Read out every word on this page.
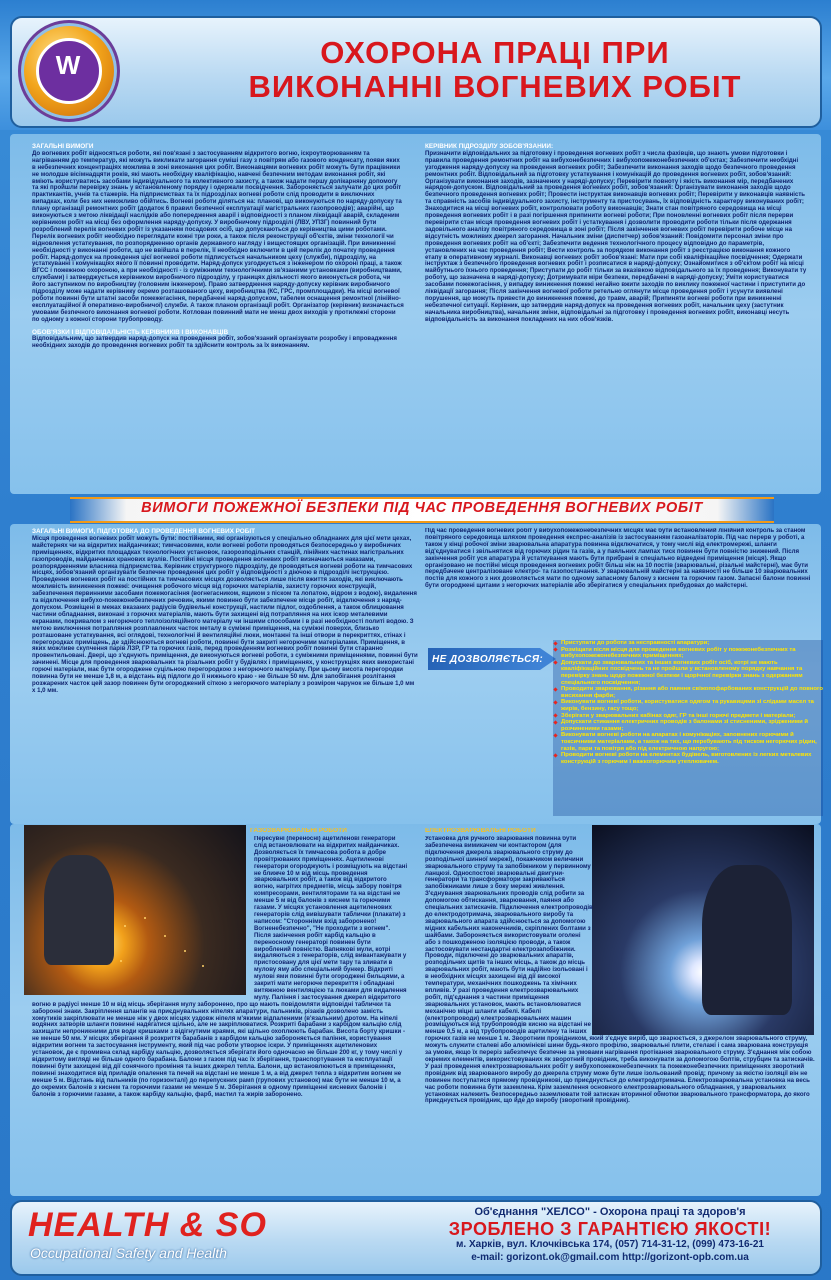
W	ОХОРОНА ПРАЦІ ПРИ
ВИКОНАННІ ВОГНЕВИХ РОБІТ
ЗАГАЛЬНІ ВИМОГИ
До вогневих робіт відносяться роботи, які пов'язані з застосуванням відкритого вогню, іскроутворюванням та нагріванням до температур, які можуть викликати загорання суміші газу з повітрям або газового конденсату, появи яких в небезпечних концентраціях можлива в зоні виконання цих робіт. Виконавцями вогневих робіт можуть бути працівники не молодше вісімнадцяти років, які мають необхідну кваліфікацію, навчені безпечним методам виконання робіт, які вміють користуватись засобами індивідуального та колективного захисту, а також надати першу долікарняну допомогу та які пройшли перевірку знань у встановленому порядку і одержали посвідчення. Забороняється залучати до цих робіт практикантів, учнів та стажерів. На підприємствах та їх підрозділах вогневі роботи слід проводити в виключних випадках, коли без них неможливо обійтись. Вогневі роботи діляться на: планові, що виконуються по наряду-допуску та плану організації ремонтних робіт (додаток 6 правил безпечної експлуатації магістральних газопроводів); аварійні, що виконуються з метою ліквідації наслідків або попередження аварії і відповідності з планом ліквідації аварій, складеним керівником робіт на місці без оформлення наряду-допуску. У виробничому підрозділі (ЛВУ, УПЗГ) повинний бути розроблений перелік вогневих робіт із указанням посадових осіб, що допускаються до керівництва цими роботами. Перелік вогневих робіт необхідно переглядати кожні три роки, а також після реконструкції об'єктів, зміни технології чи відновлення устаткування, по розпорядженню органів державного нагляду і вищестоящих організацій. При виникненні необхідності у виконанні роботи, що не ввійшла в перелік, її необхідно включити в цей перелік до початку проведення робіт. Наряд-допуск на проведення цієї вогневої роботи підписується начальником цеху (служби), підрозділу, на устаткуванні і комунікаціях якого її повинні проводити. Наряд-допуск узгоджується з інженером по охороні праці, а також ВГСС і пожежною охороною, а при необхідності - із суміжними технологічними зв'язаними установками (виробництвами, службами) і затверджується керівником виробничого підрозділу, у границях діяльності якого виконується робота, чи його заступником по виробництву (головним інженером). Право затвердження наряду-допуску керівник виробничого підрозділу може надати керівнику окремо розташованого цеху, виробництва (КС, ГРС, промплощадки). На місці вогневої роботи повинні бути штатні засоби пожежегасіння, передбачені наряд-допуском, табелем оснащення ремонтної (лінійно-експлуатаційної й оперативно-виробничої) служби. А також планом організації робіт. Організатор (керівник) визначається умовами безпечного виконання вогневої роботи. Котлован повинний мати не менш двох виходів у протилежні сторони по одному з кожної сторони трубопроводу.
ОБОВ'ЯЗКИ І ВІДПОВІДАЛЬНІСТЬ КЕРІВНИКІВ І ВИКОНАВЦІВ
Відповідальним, що затвердив наряд-допуск на проведення робіт, зобов'язаний організувати розробку і впровадження необхідних заходів до проведення вогневих робіт та здійснити контроль за їх виконанням.
КЕРІВНИК ПІДРОЗДІЛУ ЗОБОВ'ЯЗАНИЙ:
Призначити відповідальних за підготовку і проведення вогневих робіт з числа фахівців, що знають умови підготовки і правила проведення ремонтних робіт на вибухонебезпечних і вибухопожежонебезпечних об'єктах; Забезпечити необхідні узгодження наряду-допуску на проведення вогневих робіт; Забезпечити виконання заходів щодо безпечного проведення ремонтних робіт. Відповідальний за підготовку устаткування і комунікацій до проведення вогневих робіт, зобов'язаний: Організувати виконання заходів, зазначених у наряді-допуску; Перевірити повноту і якість виконання мір, передбачених нарядом-допуском. Відповідальний за проведення вогневих робіт, зобов'язаний: Організувати виконання заходів щодо безпечного проведення вогневих робіт; Провести інструктаж виконавців вогневих робіт; Перевірити у виконавців наявність та справність засобів індивідуального захисту, інструменту та пристосувань, їх відповідність характеру виконуваних робіт; Знаходитися на місці вогневих робіт, контролювати роботу виконавців; Знати стан повітряного середовища на місці проведення вогневих робіт і в разі погіршення припинити вогневі роботи; При поновленні вогневих робіт після перерви перевірити стан місця проведення вогневих робіт і устаткування і дозволити проводити роботи тільки після одержання задовільного аналізу повітряного середовища в зоні робіт; Після закінчення вогневих робіт перевірити робоче місце на відсутність можливих джерел загорання. Начальник зміни (диспетчер) зобов'язаний: Повідомити персонал зміни про проведення вогневих робіт на об'єкті; Забезпечити ведення технологічного процесу відповідно до параметрів, установлених на час проведення робіт; Вести контроль за порядком виконання робіт з реєстрацією виконання кожного етапу в оперативному журналі. Виконавці вогневих робіт зобов'язані: Мати при собі кваліфікаційне посвідчення; Одержати інструктаж з безпечного проведення вогневих робіт і розписатися в наряді-допуску; Ознайомитися з об'єктом робіт на місці майбутнього їхнього проведення; Приступати до робіт тільки за вказівкою відповідального за їх проведення; Виконувати ту роботу, що зазначена в наряді-допуску; Дотримувати міри безпеки, передбачені в наряді-допуску; Уміти користуватися засобами пожежогасіння, у випадку виникнення пожежі негайно вжити заходів по виклику пожежної частини і приступити до ліквідації загорання; Після закінчення вогневої роботи ретельно оглянути місце проведення робіт і усунути виявлені порушення, що можуть привести до виникнення пожежі, до травм, аварій; Припиняти вогневі роботи при виникненні небезпечної ситуації. Керівник, що затвердив наряд-допуск на проведення вогневих робіт, начальник цеху (застутник начальника виробництва), начальник зміни, відповідальні за підготовку і проведення вогневих робіт, виконавці несуть відповідальність за виконання покладених на них обов'язків.
ВИМОГИ ПОЖЕЖНОЇ БЕЗПЕКИ ПІД ЧАС ПРОВЕДЕННЯ ВОГНЕВИХ РОБІТ
ЗАГАЛЬНІ ВИМОГИ, ПІДГОТОВКА ДО ПРОВЕДЕННЯ ВОГНЕВИХ РОБІТ
Місця проведення вогневих робіт можуть бути: постійними, які організуються у спеціально обладнаних для цієї мети цехах, майстернях чи на відкритих майданчиках; тимчасовими, коли вогневі роботи проводяться безпосередньо у виробничих приміщеннях, відкритих площадках технологічних установок, газорозподільних станцій, лінійних частинах магістральних газопроводів, майданчиках кранових вузлів. Постійні місця проведення вогневих робіт визначаються наказами, розпорядженнями власника підприємства. Керівник структурного підрозділу, де проводяться вогневі роботи на тимчасових місцях, зобов'язаний організувати безпечне проведення цих робіт у відповідності з діючою в підрозділі інструкцією. Проведення вогневих робіт на постійних та тимчасових місцях дозволяється лише після вжиття заходів, які виключають можливість виникнення пожежі: очищення робочого місця від горючих матеріалів, захисту горючих конструкцій, забезпечення первинними засобами пожежогасіння (вогнегасником, ящиком з піском та лопатою, відром з водою), видалення та відключення вибухо-пожежонебезпечних речовин, якими повинно бути забезпечене місце робіт, відключення з наряд-допуском. Розміщені в межах вказаних радіусів будівельні конструкції, настили підлог, оздоблення, а також облицювання частини обладнання, виконані з горючих матеріалів, мають бути захищені від потрапляння на них іскор металевими екранами, покривалом з негорючого теплоізоляційного матеріалу чи іншими способами і в разі необхідності политі водою. З метою виключення потрапляння розплавлених часток металу в суміжні приміщення, на суміжні поверхи, близько розташоване устаткування, всі оглядові, технологічні й вентиляційні люки, монтажні та інші отвори в перекриттях, стінах і перегородках приміщень, де здійснюються вогневі роботи, повинні бути закриті негорючими матеріалами. Приміщення, в яких можливе скупчення парів ЛЗР, ГР та горючих газів, перед проведенням вогневих робіт повинні бути старанно провентильовані. Двері, що з'єднують приміщення, де виконуються вогневі роботи, з суміжними приміщеннями, повинні бути зачинені. Місце для проведення зварювальних та різальних робіт у будівлях і приміщеннях, у конструкціях яких використані горючі матеріали, має бути огороджене суцільною перегородкою з негорючого матеріалу. При цьому висота перегородки повинна бути не менше 1,8 м, а відстань від підлоги до її нижнього краю - не більше 50 мм. Для запобігання розлітання розжарених часток цей зазор повинен бути огороджений сіткою з негорючого матеріалу з розміром чарунок не більше 1,0 мм х 1,0 мм.
Під час проведення вогневих робіт у вибухопожежонебезпечних місцях має бути встановлений лінійний контроль за станом повітряного середовища шляхом проведення експрес-аналізів із застосуванням газоаналізаторів. Під час перерв у роботі, а також у кінці робочої зміни зварювальна апаратура повинна відключатися, у тому числі від електромережі, шланги від'єднуватися і звільнятися від горючих рідин та газів, а у паяльних лампах тиск повинен бути повністю знижений. Після закінчення робіт уся апаратура й устаткування мають бути прибрані в спеціально відведені приміщення (місця). Якщо організовано не постійні місця проведення вогневих робіт більш ніж на 10 постів (зварювальні, різальні майстерні), має бути передбачене централізоване електро- та газопостачання. У зварювальній майстерні за наявності не більше 10 зварювальних постів для кожного з них дозволяється мати по одному запасному балону з киснем та горючим газом. Запасні балони повинні бути огороджені щитами з негорючих матеріалів або зберігатися у спеціальних прибудовах до майстерні.
НЕ ДОЗВОЛЯЄТЬСЯ:
Приступати до роботи за несправності апаратури;
Розміщати після місця для проведення вогневих робіт у пожежонебезпечних та вибухопожежонебезпечних приміщеннях;
Допускати до зварювальних та інших вогневих робіт осіб, котрі не мають кваліфікаційних посвідчень та не пройшли у встановленому порядку навчання та перевірку знань щодо пожежної безпеки і щорічної перевірки знань з одержанням спеціального посвідчення;
Проводити зварювання, різання або паяння свіжопофарбованих конструкцій до повного висихання фарби;
Виконувати вогневі роботи, користуватися одягом та рукавицями зі слідами масел та жирів, бензину, гасу тощо;
Зберігати у зварювальних кабінах одяг, ГР та інші горючі предмети і матеріали;
Допускати стикання електричних проводів з балонами зі стисненими, зрідженими й розчиненими газами;
Виконувати вогневі роботи на апаратах і комунікаціях, заповнених горючими й токсичними матеріалами, а також на тих, що перебувають під тиском негорючих рідин, газів, пари та повітря або під електричною напругою;
Проводити вогневі роботи на елементах будівель, виготовлених із легких металевих конструкцій з горючим і важкогорючим утеплювачем.
ГАЗОЗВАРЮВАЛЬНІ РОБОТИ
Пересувні (переносні) ацетиленові генератори слід встановлювати на відкритих майданчиках. Дозволяється їх тимчасова робота в добре провітрюваних приміщеннях. Ацетиленові генератори огороджують і розміщують на відстані не ближче 10 м від місць проведення зварювальних робіт, а також від відкритого вогню, нагрітих предметів, місць забору повітря компресорами, вентиляторами та на відстані не менше 5 м від балонів з киснем та горючими газами. У місцях установлення ацетиленових генераторів слід вивішувати таблички (плакати) з написом: "Сторонніми вхід заборонено! Вогненебезпечно", "Не проходити з вогнем". Після закінчення робіт карбід кальцію в переносному генераторі повинен бути вироблений повністю. Вапнякові мули, котрі видаляються з генераторів, слід вивантажувати у пристосовану для цієї мети тару та зливати в мулову яму або спеціальний бункер. Відкриті мулові ями повинні бути огороджені бильцями, а закриті мати негорюче перекриття і обладнані витяжною вентиляцією та люками для видалення мулу. Паління і застосування джерел відкритого вогню в радіусі менше 10 м від місць зберігання мулу заборонено, про що мають повідомляти відповідні таблички та заборонні знаки. Закріплення шлангів на приєднувальних ніпелях апаратури, пальників, різаків дозволено замість хомутиків закріплювати не менше ніж у двох місцях уздовж ніпеля м'якими відпаленими (в'язальним) дротом. На ніпелі водяних затворів шланги повинні надягатися щільно, але не закріплюватися. Розкриті барабани з карбідом кальцію слід захищати непроникними для води кришками з відігнутими краями, які щільно охоплюють барабан. Висота борту кришки - не менше 50 мм. У місцях зберігання й розкриття барабанів з карбідом кальцію забороняється паління, користування відкритим вогнем та застосування інструменту, який під час роботи утворює іскри. У приміщеннях ацетиленових установок, де є промивна склад карбіду кальцію, дозволяється зберігати його одночасно не більше 200 кг, у тому числі у відкритому вигляді не більше одного барабана. Балони з газом під час їх зберігання, транспортування та експлуатації повинні бути захищені від дії сонячного проміння та інших джерел тепла. Балони, що встановлюються в приміщеннях, повинні знаходитися від приладів опалення та печей на відстані не менше 1 м, а від джерел тепла з відкритим вогнем не менше 5 м. Відстань від пальників (по горизонталі) до перепускних рамп (групових установок) має бути не менше 10 м, а до окремих балонів з киснем та горючими газами не менше 5 м. Зберігання в одному приміщенні кисневих балонів і балонів з горючими газами, а також карбіду кальцію, фарб, мастил та жирів заборонено.
ЕЛЕКТРОЗВАРЮВАЛЬНІ РОБОТИ
Установка для ручного зварювання повинна бути забезпечена вимикачем чи контактором (для підключення джерела зварювального струму до розподільчої шинної мережі), покажчиком величини зварювального струму та запобіжником у первинному ланцюзі. Односпостові зварювальні двигуни-генератори та трансформатори закриваються запобіжниками лише з боку мережі живлення. З'єднування зварювальних проводів слід робити за допомогою обтискання, зварювання, паяння або спеціальних затискачів. Підключення електропроводів до електродотримача, зварювального виробу та зварювального апарата здійснюється за допомогою мідних кабельних наконечників, скріплених болтами з шайбами. Забороняється використовувати оголені або з пошкодженою ізоляцією проводи, а також застосовувати нестандартні електрозапобіжники. Проводи, підключені до зварювальних апаратів, розподільчих щитів та інших місць, а також до місць зварювальних робіт, мають бути надійно ізольовані і в необхідних місцях захищені від дії високої температури, механічних пошкоджень та хімічних впливів. У разі проведення електрозварювальних робіт, під'єднання з частини приміщення зварювальних установок, мають встановлюватися механічно міцні шланги кабелі. Кабелі (електропроводи) електрозварювальних машин розміщуються від трубопроводів кисню на відстані не менше 0,5 м, а від трубопроводів ацетилену та інших горючих газів не менше 1 м. Зворотним провідником, який з'єднує виріб, що зварюється, з джерелом зварювального струму, можуть служити сталеві або алюмінієві шини будь-якого профілю, зварювальні плити, стелажі і сама зварювана конструкція за умови, якщо їх переріз забезпечує безпечне за умовами нагрівання протікання зварювального струму. З'єднання між собою окремих елементів, використовуваних як зворотний провідник, треба виконувати за допомогою болтів, струбцин та затискачів. У разі проведення електрозварювальних робіт у вибухопожежонебезпечних та пожежонебезпечних приміщеннях зворотний провідник від зварюваного виробу до джерела струму може бути лише ізольований провід; причому за якістю ізоляції він не повинен поступатися прямому провідникові, що приєднується до електродотримача. Електрозварювальна установка на весь час роботи повинна бути заземлена. Крім заземлення основного електрозварювального обладнання, у зварювальних установках належить безпосередньо заземлювати той затискач вторинної обмотки зварювального трансформатора, до якого приєднується провідник, що йде до виробу (зворотний провідник).
HEALTH & SO
Occupational Safety and Health
Об'єднання "ХЕЛСО" - Охорона праці та здоров'я
ЗРОБЛЕНО З ГАРАНТІЄЮ ЯКОСТІ!
м. Харків, вул. Клочківська 174, (057) 714-31-12, (099) 473-16-21
e-mail: gorizont.ok@gmail.com http://gorizont-opb.com.ua
